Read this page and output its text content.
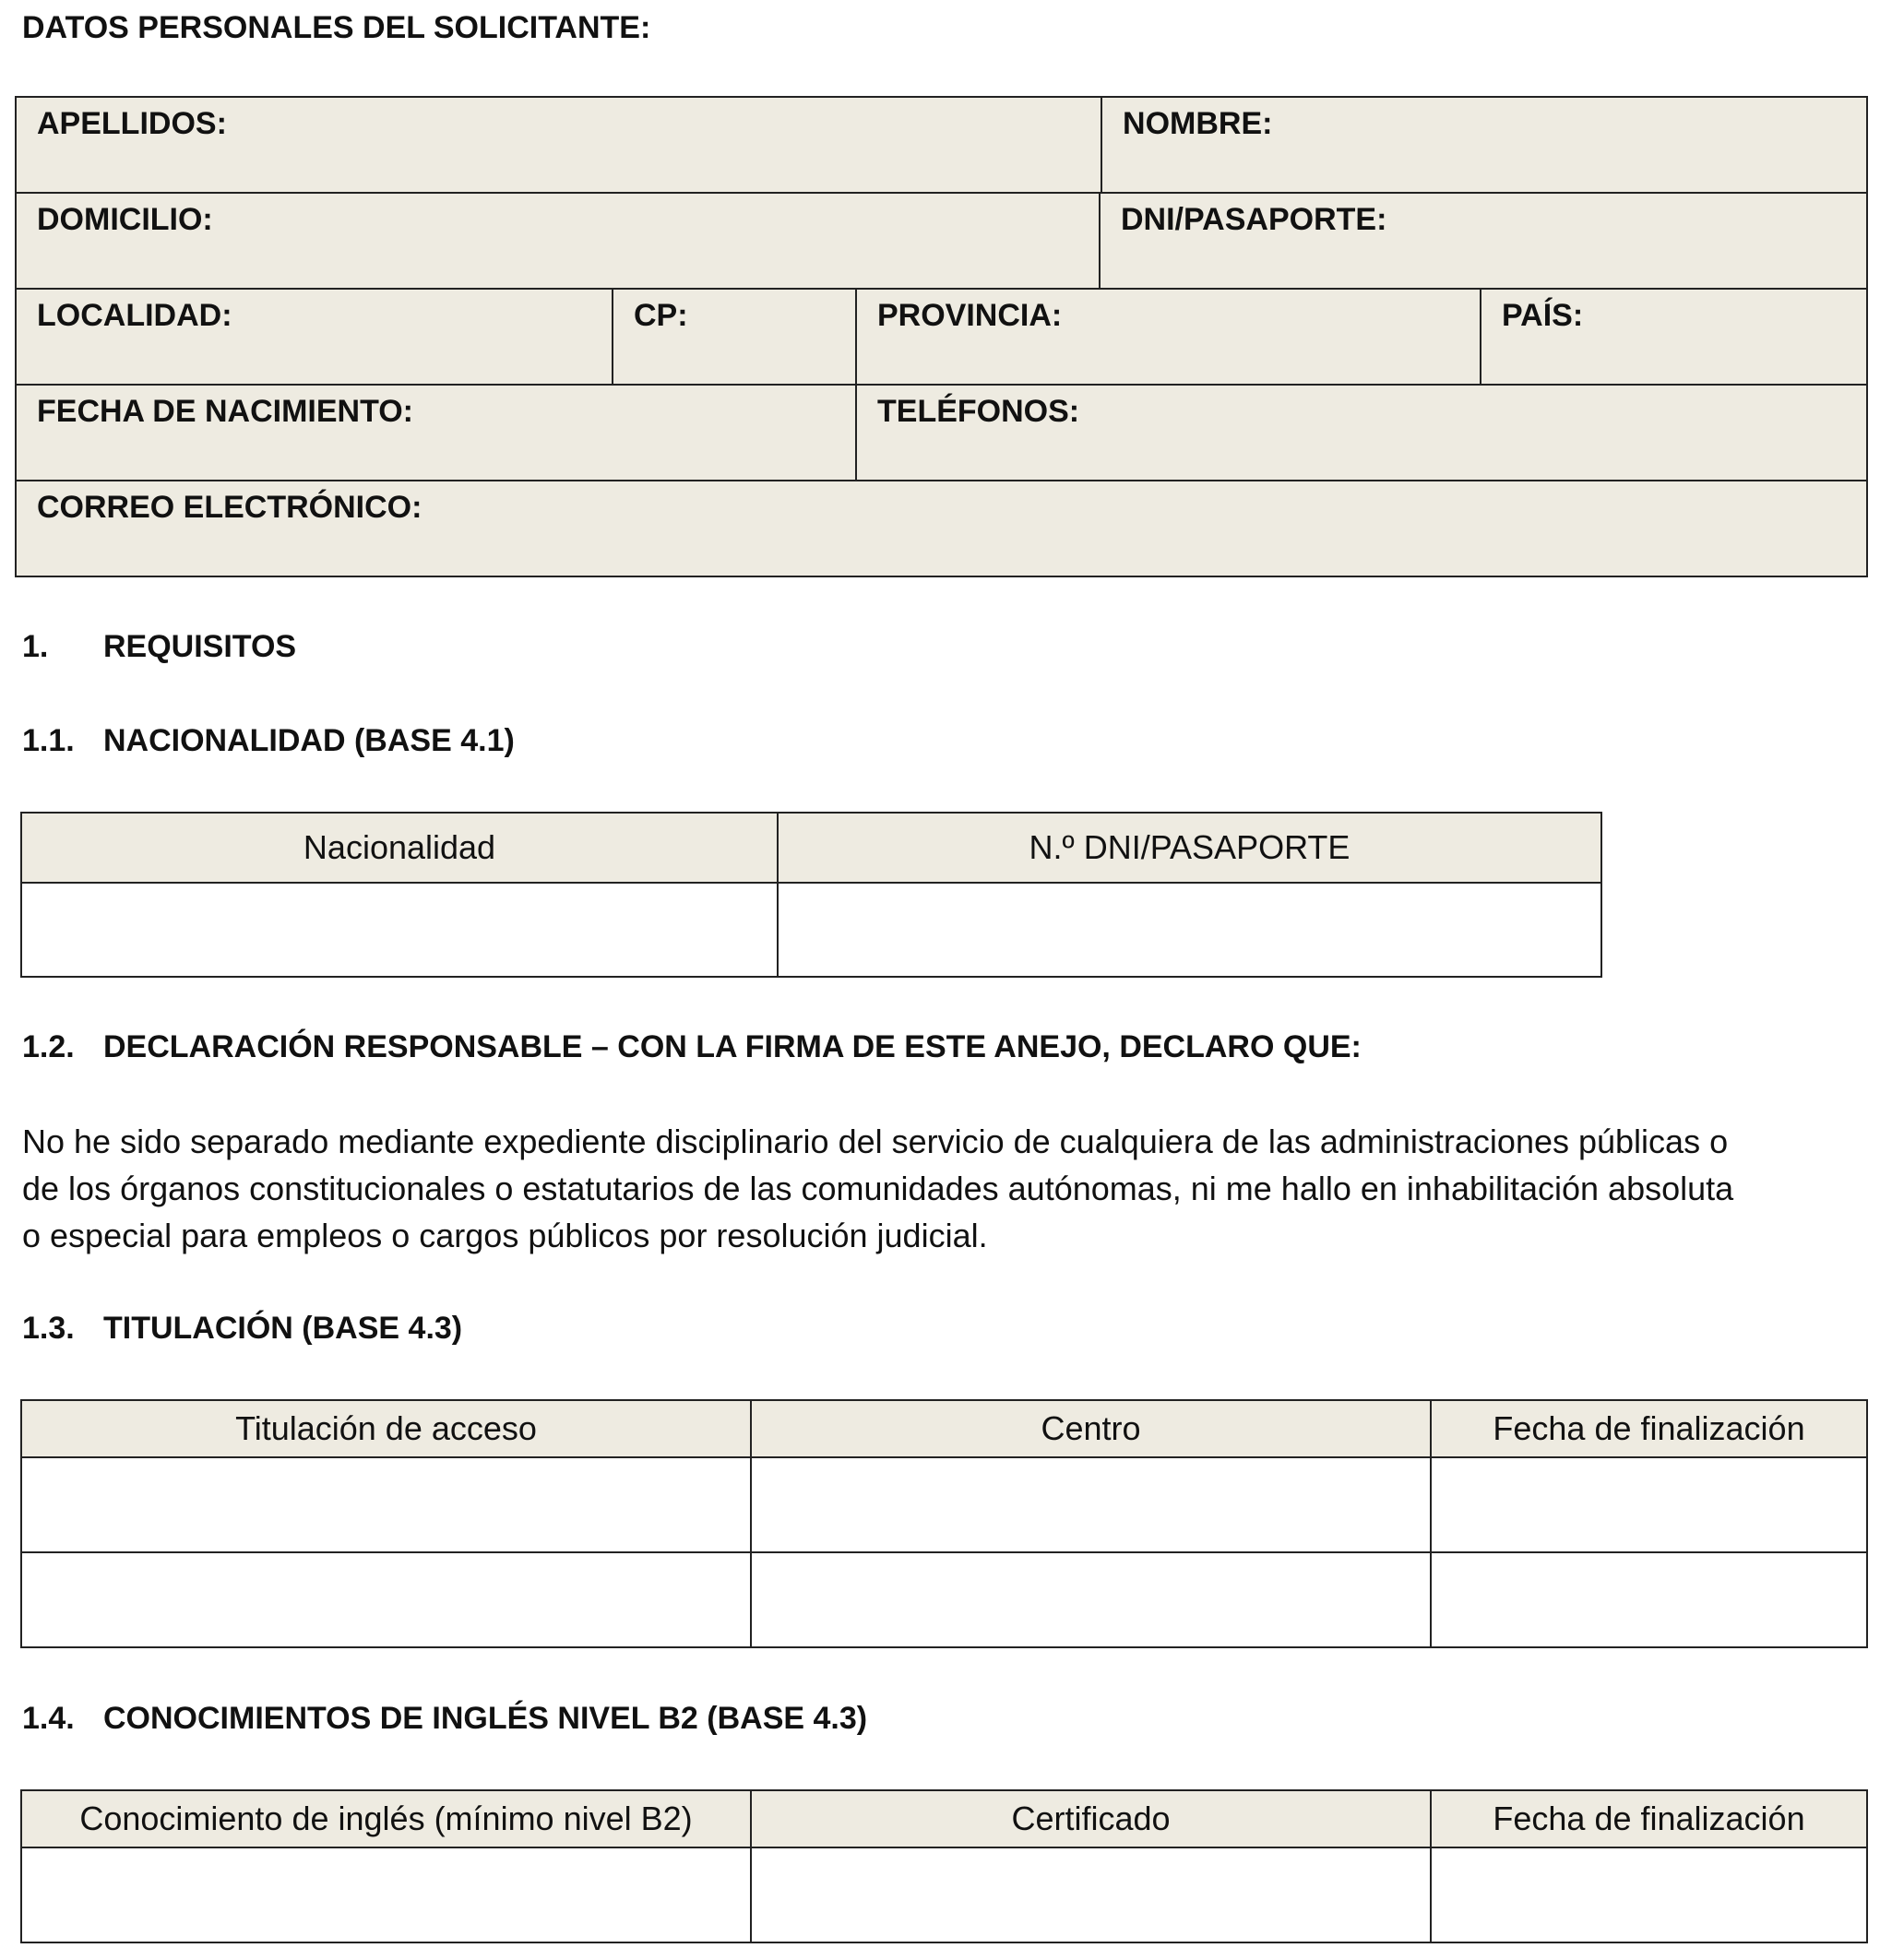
DATOS PERSONALES DEL SOLICITANTE:
APELLIDOS:				NOMBRE:	
DOMICILIO:			DNI/PASAPORTE:		
LOCALIDAD:	CP:	PROVINCIA:			PAÍS:
FECHA DE NACIMIENTO:		TELÉFONOS:			
CORREO ELECTRÓNICO:					
1. REQUISITOS
1.1. NACIONALIDAD (BASE 4.1)
Nacionalidad	N.º DNI/PASAPORTE

1.2. DECLARACIÓN RESPONSABLE – CON LA FIRMA DE ESTE ANEJO, DECLARO QUE:
No he sido separado mediante expediente disciplinario del servicio de cualquiera de las administraciones públicas o
de los órganos constitucionales o estatutarios de las comunidades autónomas, ni me hallo en inhabilitación absoluta
o especial para empleos o cargos públicos por resolución judicial.
1.3. TITULACIÓN (BASE 4.3)
Titulación de acceso	Centro	Fecha de finalización

1.4. CONOCIMIENTOS DE INGLÉS NIVEL B2 (BASE 4.3)
Conocimiento de inglés (mínimo nivel B2)	Certificado	Fecha de finalización
